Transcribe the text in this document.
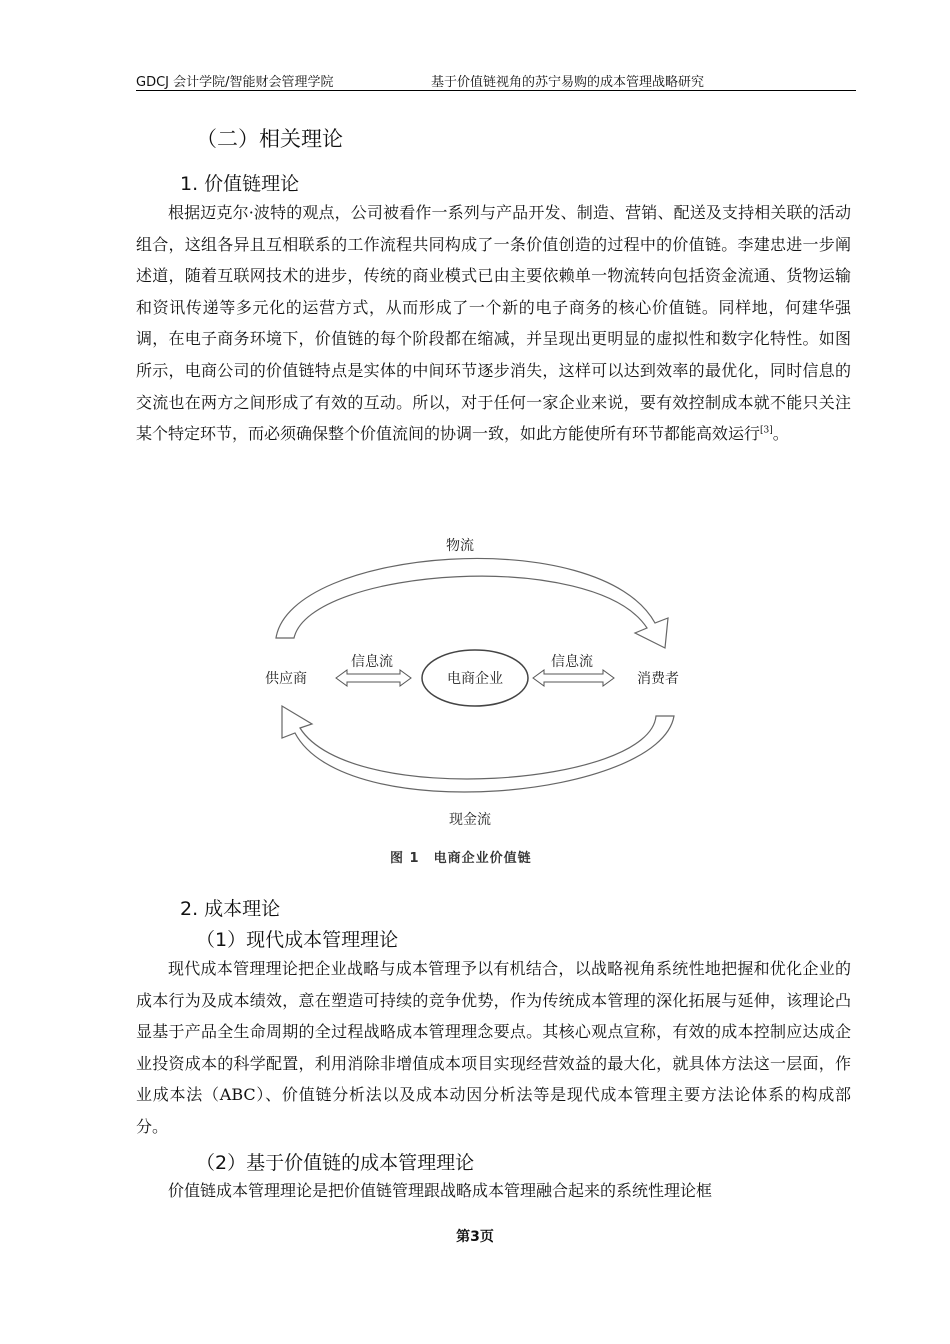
GDCJ 会计学院/智能财会管理学院	基于价值链视角的苏宁易购的成本管理战略研究
（二）相关理论
1. 价值链理论

根据迈克尔·波特的观点，公司被看作一系列与产品开发、制造、营销、配送及支持相关联的活动组合，这组各异且互相联系的工作流程共同构成了一条价值创造的过程中的价值链。李建忠进一步阐述道，随着互联网技术的进步，传统的商业模式已由主要依赖单一物流转向包括资金流通、货物运输和资讯传递等多元化的运营方式，从而形成了一个新的电子商务的核心价值链。同样地，何建华强调，在电子商务环境下，价值链的每个阶段都在缩减，并呈现出更明显的虚拟性和数字化特性。如图所示，电商公司的价值链特点是实体的中间环节逐步消失，这样可以达到效率的最优化，同时信息的交流也在两方之间形成了有效的互动。所以，对于任何一家企业来说，要有效控制成本就不能只关注某个特定环节，而必须确保整个价值流间的协调一致，如此方能使所有环节都能高效运行[3]。

物流
现金流
供应商	电商企业	消费者
信息流	信息流
图 1　电商企业价值链
2. 成本理论
（1）现代成本管理理论

现代成本管理理论把企业战略与成本管理予以有机结合，以战略视角系统性地把握和优化企业的成本行为及成本绩效，意在塑造可持续的竞争优势，作为传统成本管理的深化拓展与延伸，该理论凸显基于产品全生命周期的全过程战略成本管理理念要点。其核心观点宣称，有效的成本控制应达成企业投资成本的科学配置，利用消除非增值成本项目实现经营效益的最大化，就具体方法这一层面，作业成本法（ABC）、价值链分析法以及成本动因分析法等是现代成本管理主要方法论体系的构成部分。

（2）基于价值链的成本管理理论

价值链成本管理理论是把价值链管理跟战略成本管理融合起来的系统性理论框

第3页
